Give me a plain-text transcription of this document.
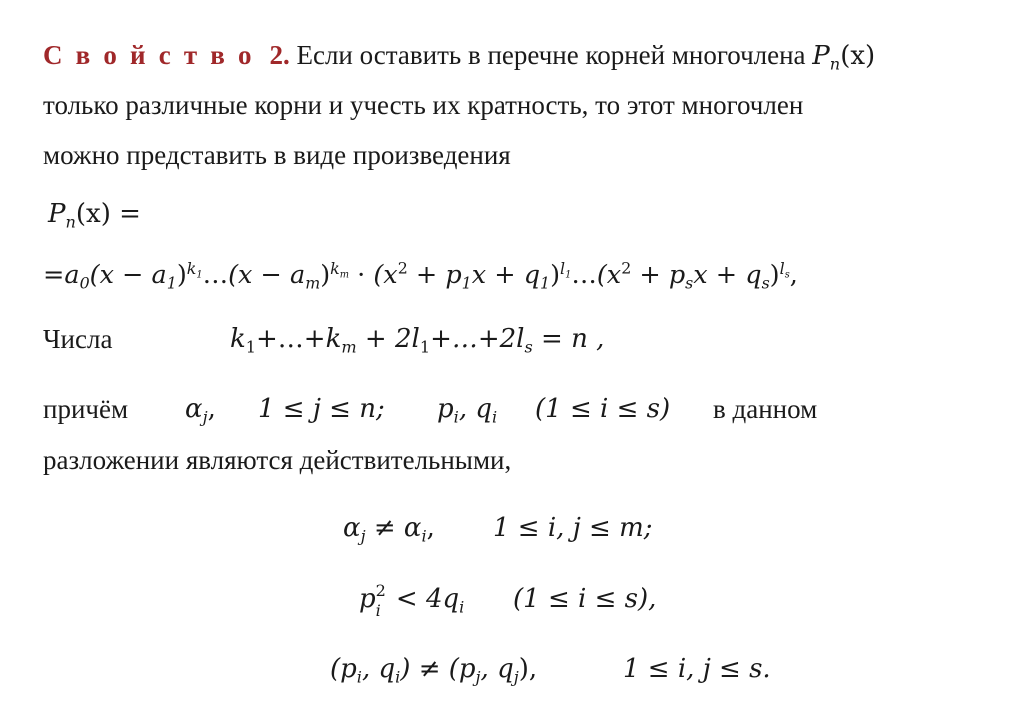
С в о й с т в о 2. Если оставить в перечне корней многочлена $P_n(x)$
только различные корни и учесть их кратность, то этот многочлен
можно представить в виде произведения
$P_n(x)$ =
$=a_0(x$ − $a_1)^{k_1}\dots(x - a_m)^{k_m} \cdot (x^2 + p_1x$ + $q_1)^{l_1}\dots(x^2 + p_sx + q_s)^{l_s}$,
Числа	$k_1+\dots+k_m$ + $2l_1+\dots+2l_s = n$ ,
причём $\alpha_j$, 1 ≤ j ≤ n; $p_i$, $q_i$ (1 ≤ i ≤ s) в данном
разложении являются действительными,
$\alpha_j \ne \alpha_i$, 1 ≤ i, j ≤ m;
p 2
$i < 4q_i$ (1 ≤ i ≤ s),
($p_i$, $q_i) \ne (p_j$, $q_j$),	1 ≤ i, j ≤ s.
